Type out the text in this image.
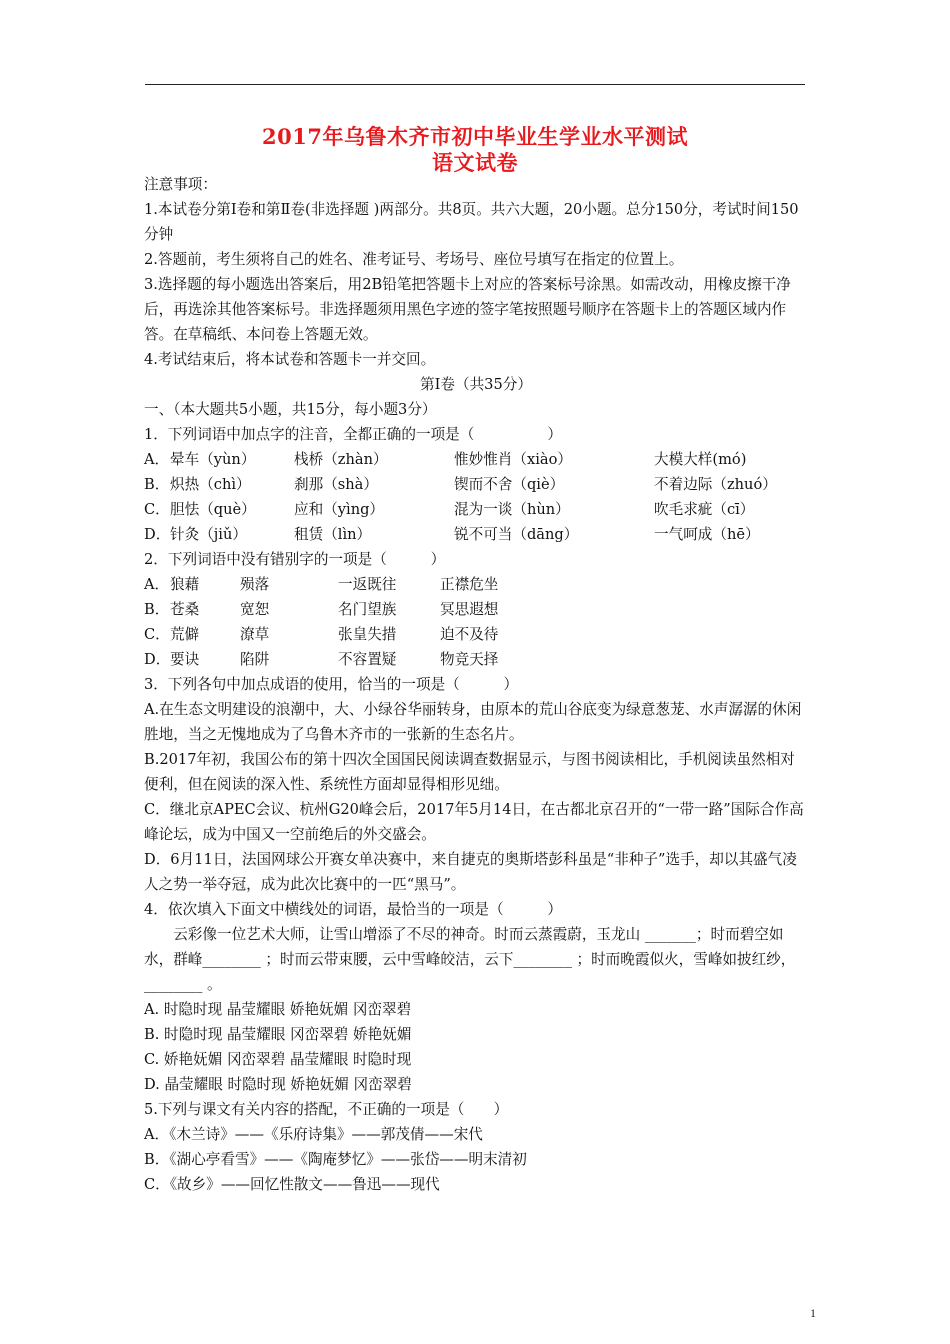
2017年乌鲁木齐市初中毕业生学业水平测试
语文试卷

注意事项：

1.本试卷分第Ⅰ卷和第Ⅱ卷(非选择题 )两部分。共8页。共六大题，20小题。总分150分，考试时间150分钟

2.答题前，考生须将自己的姓名、准考证号、考场号、座位号填写在指定的位置上。

3.选择题的每小题选出答案后，用2B铅笔把答题卡上对应的答案标号涂黑。如需改动，用橡皮擦干净后，再选涂其他答案标号。非选择题须用黑色字迹的签字笔按照题号顺序在答题卡上的答题区域内作答。在草稿纸、本问卷上答题无效。

4.考试结束后，将本试卷和答题卡一并交回。

第Ⅰ卷（共35分）

一、（本大题共5小题，共15分，每小题3分）

1．下列词语中加点字的注音，全都正确的一项是（　　　　　）

A． 晕车（yùn）	栈桥（zhàn）	惟妙惟肖（xiào）	大模大样(mó)
B． 炽热（chì）	刹那（shà）	锲而不舍（qiè）	不着边际（zhuó）
C． 胆怯（què）	应和（yìng）	混为一谈（hùn）	吹毛求疵（cī）
D． 针灸（jiǔ）	租赁（lìn）	锐不可当（dāng）	一气呵成（hē）

2．下列词语中没有错别字的一项是（　　　）

A． 狼藉	殒落	一返既往	正襟危坐
B． 苍桑	宽恕	名门望族	冥思遐想
C． 荒僻	潦草	张皇失措	迫不及待
D． 要诀	陷阱	不容置疑	物竞天择

3．下列各句中加点成语的使用，恰当的一项是（　　　）

A.在生态文明建设的浪潮中，大、小绿谷华丽转身，由原本的荒山谷底变为绿意葱茏、水声潺潺的休闲胜地，当之无愧地成为了乌鲁木齐市的一张新的生态名片。

B.2017年初，我国公布的第十四次全国国民阅读调查数据显示，与图书阅读相比，手机阅读虽然相对便利，但在阅读的深入性、系统性方面却显得相形见绌。

C．继北京APEC会议、杭州G20峰会后，2017年5月14日，在古都北京召开的“一带一路”国际合作高峰论坛，成为中国又一空前绝后的外交盛会。

D．6月11日，法国网球公开赛女单决赛中，来自捷克的奥斯塔彭科虽是“非种子”选手，却以其盛气凌人之势一举夺冠，成为此次比赛中的一匹“黑马”。

4．依次填入下面文中横线处的词语，最恰当的一项是（　　　）

云彩像一位艺术大师，让雪山增添了不尽的神奇。时而云蒸霞蔚，玉龙山 _______；时而碧空如水，群峰________ ；时而云带束腰，云中雪峰皎洁，云下________ ；时而晚霞似火，雪峰如披红纱，________ 。

A. 时隐时现 晶莹耀眼 娇艳妩媚 冈峦翠碧

B. 时隐时现 晶莹耀眼 冈峦翠碧 娇艳妩媚

C. 娇艳妩媚 冈峦翠碧 晶莹耀眼 时隐时现

D. 晶莹耀眼 时隐时现 娇艳妩媚 冈峦翠碧

5.下列与课文有关内容的搭配，不正确的一项是（　　）

A．《木兰诗》——《乐府诗集》——郭茂倩——宋代

B．《湖心亭看雪》——《陶庵梦忆》——张岱——明末清初

C．《故乡》——回忆性散文——鲁迅——现代

1
